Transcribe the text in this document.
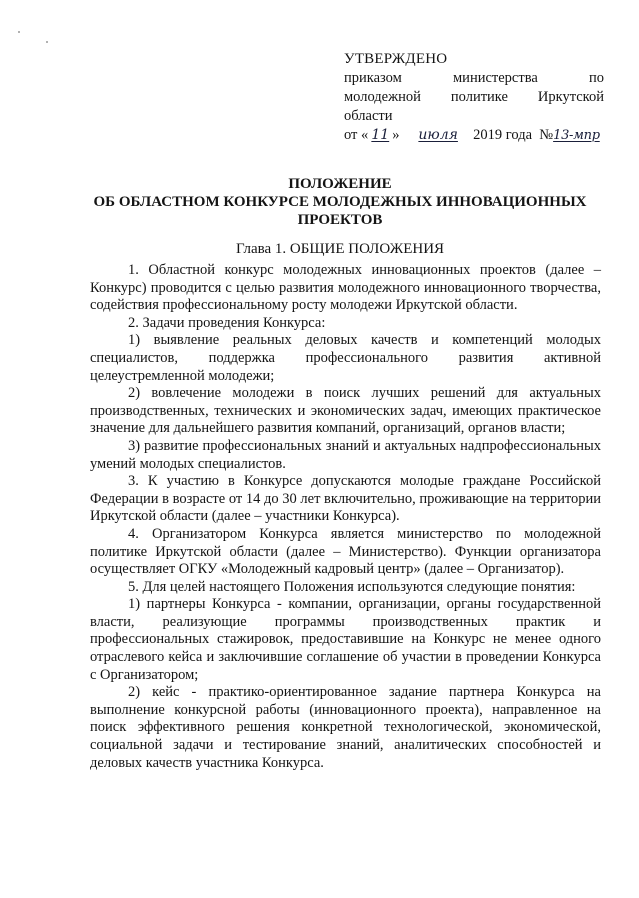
УТВЕРЖДЕНО
приказом министерства по
молодежной политике Иркутской
области
от « 11 » июля 2019 года №13-мпр
ПОЛОЖЕНИЕ
ОБ ОБЛАСТНОМ КОНКУРСЕ МОЛОДЕЖНЫХ ИННОВАЦИОННЫХ
ПРОЕКТОВ
Глава 1. ОБЩИЕ ПОЛОЖЕНИЯ

1. Областной конкурс молодежных инновационных проектов (далее – Конкурс) проводится с целью развития молодежного инновационного творчества, содействия профессиональному росту молодежи Иркутской области.

2. Задачи проведения Конкурса:

1) выявление реальных деловых качеств и компетенций молодых специалистов, поддержка профессионального развития активной целеустремленной молодежи;

2) вовлечение молодежи в поиск лучших решений для актуальных производственных, технических и экономических задач, имеющих практическое значение для дальнейшего развития компаний, организаций, органов власти;

3) развитие профессиональных знаний и актуальных надпрофессиональных умений молодых специалистов.

3. К участию в Конкурсе допускаются молодые граждане Российской Федерации в возрасте от 14 до 30 лет включительно, проживающие на территории Иркутской области (далее – участники Конкурса).

4. Организатором Конкурса является министерство по молодежной политике Иркутской области (далее – Министерство). Функции организатора осуществляет ОГКУ «Молодежный кадровый центр» (далее – Организатор).

5. Для целей настоящего Положения используются следующие понятия:

1) партнеры Конкурса - компании, организации, органы государственной власти, реализующие программы производственных практик и профессиональных стажировок, предоставившие на Конкурс не менее одного отраслевого кейса и заключившие соглашение об участии в проведении Конкурса с Организатором;

2) кейс - практико-ориентированное задание партнера Конкурса на выполнение конкурсной работы (инновационного проекта), направленное на поиск эффективного решения конкретной технологической, экономической, социальной задачи и тестирование знаний, аналитических способностей и деловых качеств участника Конкурса.
